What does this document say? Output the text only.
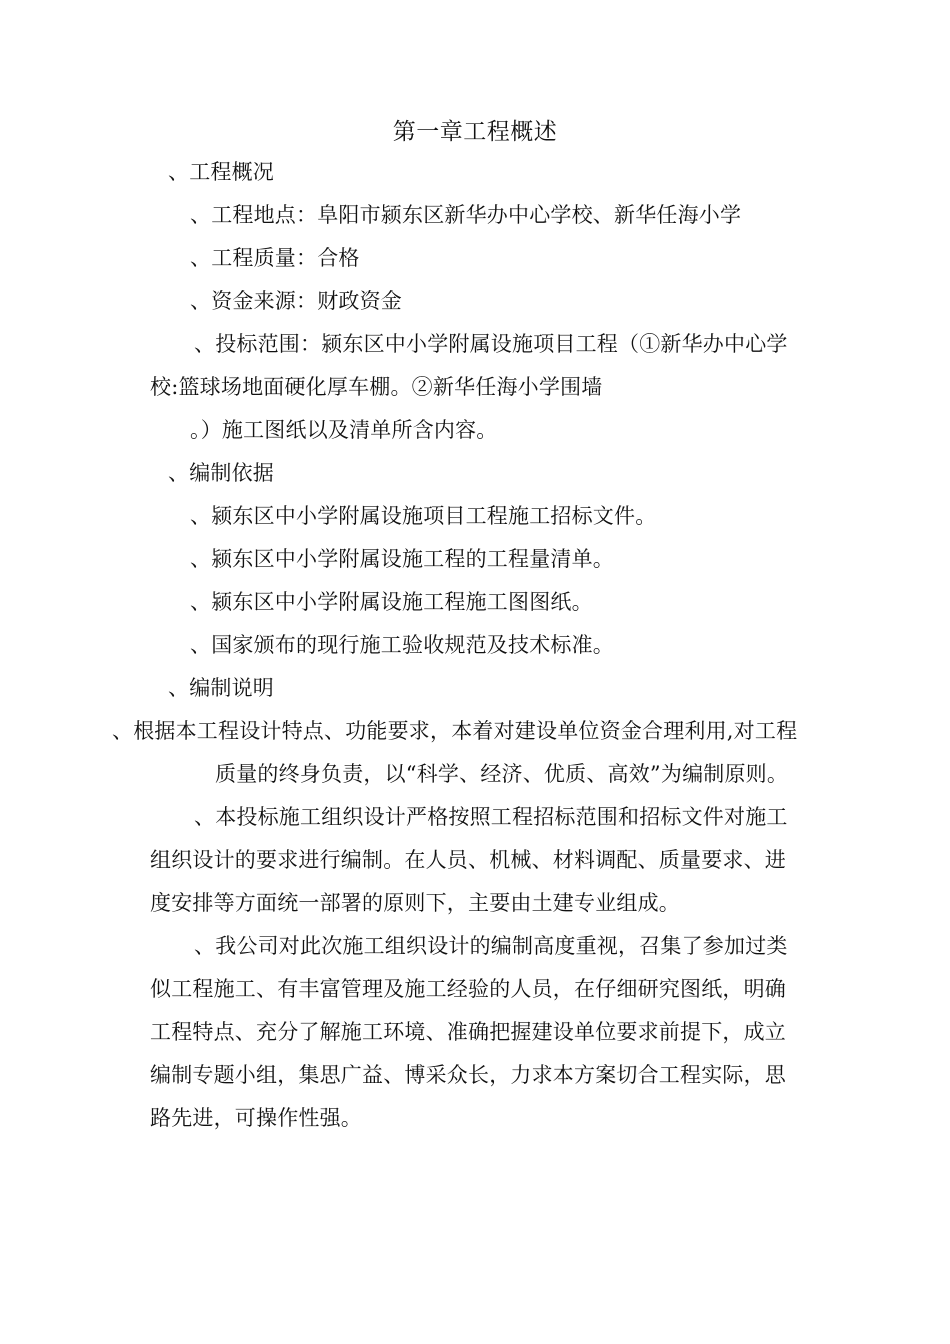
第一章工程概述
、工程概况
、工程地点：阜阳市颍东区新华办中心学校、新华任海小学
、工程质量：合格
、资金来源：财政资金
、投标范围：颍东区中小学附属设施项目工程（①新华办中心学
校:篮球场地面硬化厚车棚。②新华任海小学围墙
。）施工图纸以及清单所含内容。
、编制依据
、颍东区中小学附属设施项目工程施工招标文件。
、颍东区中小学附属设施工程的工程量清单。
、颍东区中小学附属设施工程施工图图纸。
、国家颁布的现行施工验收规范及技术标准。
、编制说明
、根据本工程设计特点、功能要求，本着对建设单位资金合理利用,对工程
质量的终身负责，以“科学、经济、优质、高效”为编制原则。
、本投标施工组织设计严格按照工程招标范围和招标文件对施工
组织设计的要求进行编制。在人员、机械、材料调配、质量要求、进
度安排等方面统一部署的原则下，主要由土建专业组成。
、我公司对此次施工组织设计的编制高度重视，召集了参加过类
似工程施工、有丰富管理及施工经验的人员，在仔细研究图纸，明确
工程特点、充分了解施工环境、准确把握建设单位要求前提下，成立
编制专题小组，集思广益、博采众长，力求本方案切合工程实际，思
路先进，可操作性强。
